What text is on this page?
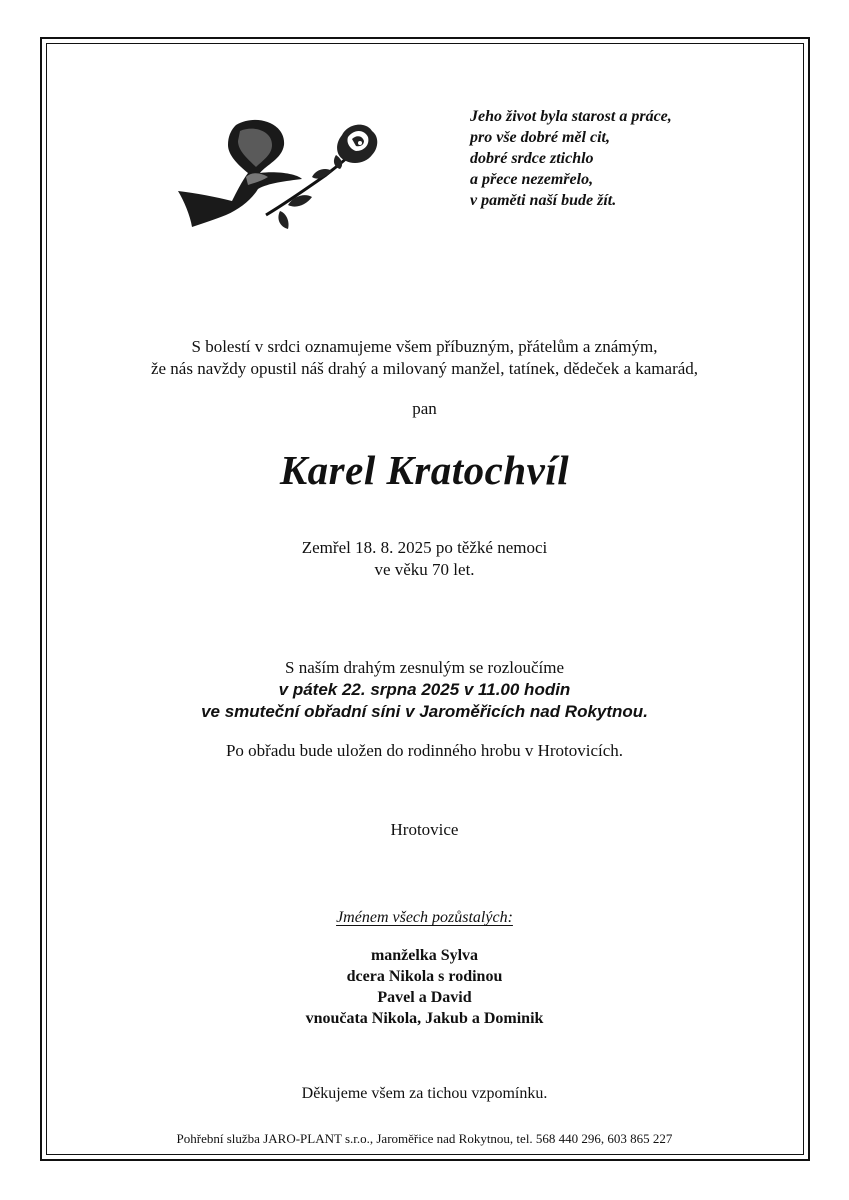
Jeho život byla starost a práce,
pro vše dobré měl cit,
dobré srdce ztichlo
a přece nezemřelo,
v paměti naší bude žít.
S bolestí v srdci oznamujeme všem příbuzným, přátelům a známým,
že nás navždy opustil náš drahý a milovaný manžel, tatínek, dědeček a kamarád,
pan
Karel Kratochvíl
Zemřel 18. 8. 2025 po těžké nemoci
ve věku 70 let.
S naším drahým zesnulým se rozloučíme
v pátek 22. srpna 2025 v 11.00 hodin
ve smuteční obřadní síni v Jaroměřicích nad Rokytnou.
Po obřadu bude uložen do rodinného hrobu v Hrotovicích.
Hrotovice
Jménem všech pozůstalých:
manželka Sylva
dcera Nikola s rodinou
Pavel a David
vnoučata Nikola, Jakub a Dominik
Děkujeme všem za tichou vzpomínku.
Pohřební služba JARO-PLANT s.r.o., Jaroměřice nad Rokytnou, tel. 568 440 296, 603 865 227
